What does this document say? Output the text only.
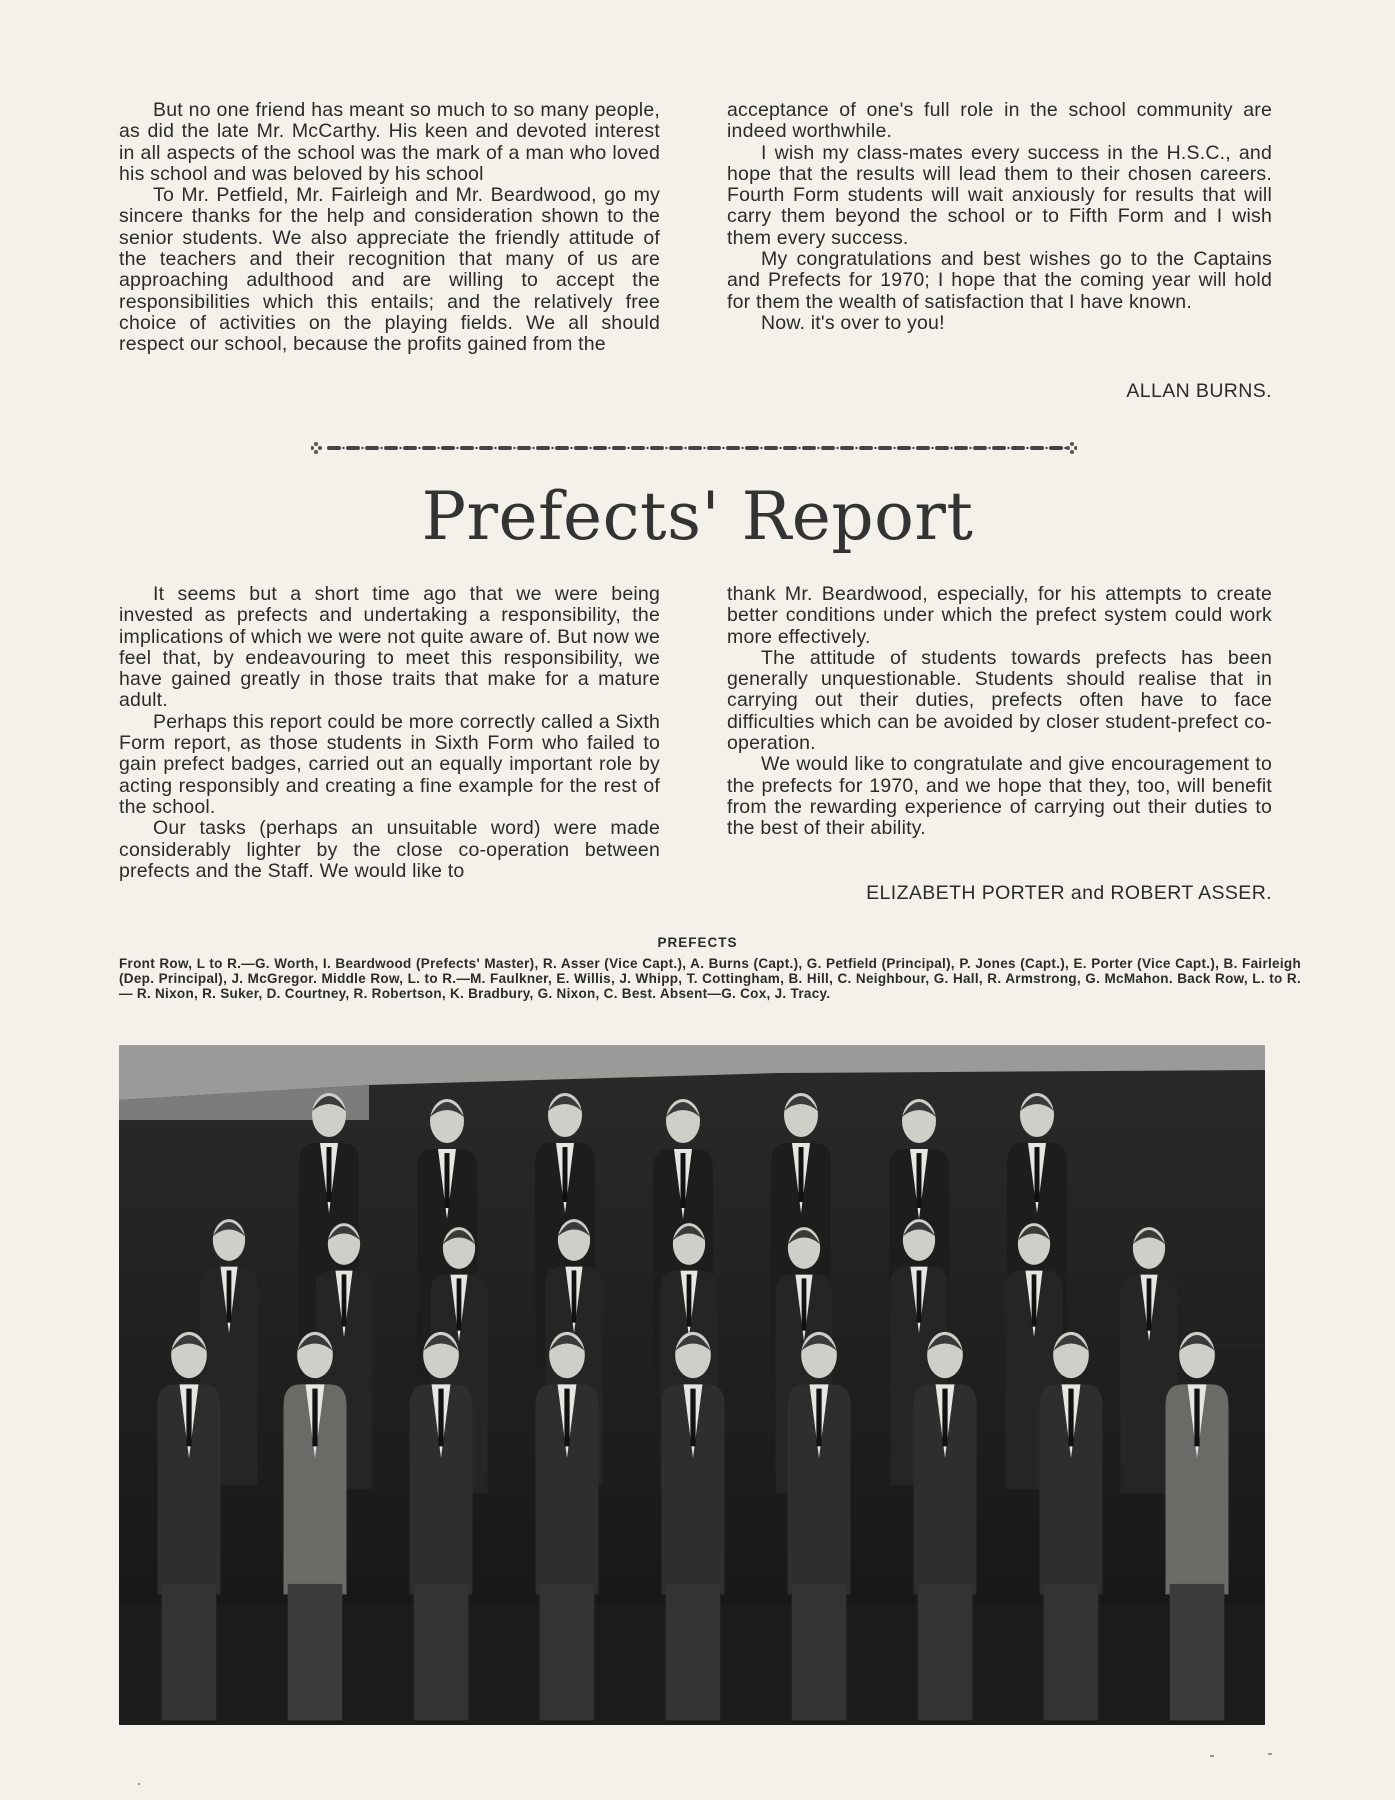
But no one friend has meant so much to so many people, as did the late Mr. McCarthy. His keen and devoted interest in all aspects of the school was the mark of a man who loved his school and was beloved by his school

To Mr. Petfield, Mr. Fairleigh and Mr. Beardwood, go my sincere thanks for the help and consideration shown to the senior students. We also appreciate the friendly attitude of the teachers and their recognition that many of us are approaching adulthood and are willing to accept the responsibilities which this entails; and the relatively free choice of activities on the playing fields. We all should respect our school, because the profits gained from the

acceptance of one's full role in the school community are indeed worthwhile.

I wish my class-mates every success in the H.S.C., and hope that the results will lead them to their chosen careers. Fourth Form students will wait anxiously for results that will carry them beyond the school or to Fifth Form and I wish them every success.

My congratulations and best wishes go to the Captains and Prefects for 1970; I hope that the coming year will hold for them the wealth of satisfaction that I have known.

Now. it's over to you!

ALLAN BURNS.
Prefects' Report

It seems but a short time ago that we were being invested as prefects and undertaking a responsibility, the implications of which we were not quite aware of. But now we feel that, by endeavouring to meet this responsibility, we have gained greatly in those traits that make for a mature adult.

Perhaps this report could be more correctly called a Sixth Form report, as those students in Sixth Form who failed to gain prefect badges, carried out an equally important role by acting responsibly and creating a fine example for the rest of the school.

Our tasks (perhaps an unsuitable word) were made considerably lighter by the close co-operation between prefects and the Staff. We would like to

thank Mr. Beardwood, especially, for his attempts to create better conditions under which the prefect system could work more effectively.

The attitude of students towards prefects has been generally unquestionable. Students should realise that in carrying out their duties, prefects often have to face difficulties which can be avoided by closer student-prefect co-operation.

We would like to congratulate and give encouragement to the prefects for 1970, and we hope that they, too, will benefit from the rewarding experience of carrying out their duties to the best of their ability.

ELIZABETH PORTER and ROBERT ASSER.
PREFECTS
Front Row, L to R.—G. Worth, I. Beardwood (Prefects' Master), R. Asser (Vice Capt.), A. Burns (Capt.), G. Petfield (Principal), P. Jones (Capt.), E. Porter (Vice Capt.), B. Fairleigh (Dep. Principal), J. McGregor. Middle Row, L. to R.—M. Faulkner, E. Willis, J. Whipp, T. Cottingham, B. Hill, C. Neighbour, G. Hall, R. Armstrong, G. McMahon. Back Row, L. to R.— R. Nixon, R. Suker, D. Courtney, R. Robertson, K. Bradbury, G. Nixon, C. Best. Absent—G. Cox, J. Tracy.
